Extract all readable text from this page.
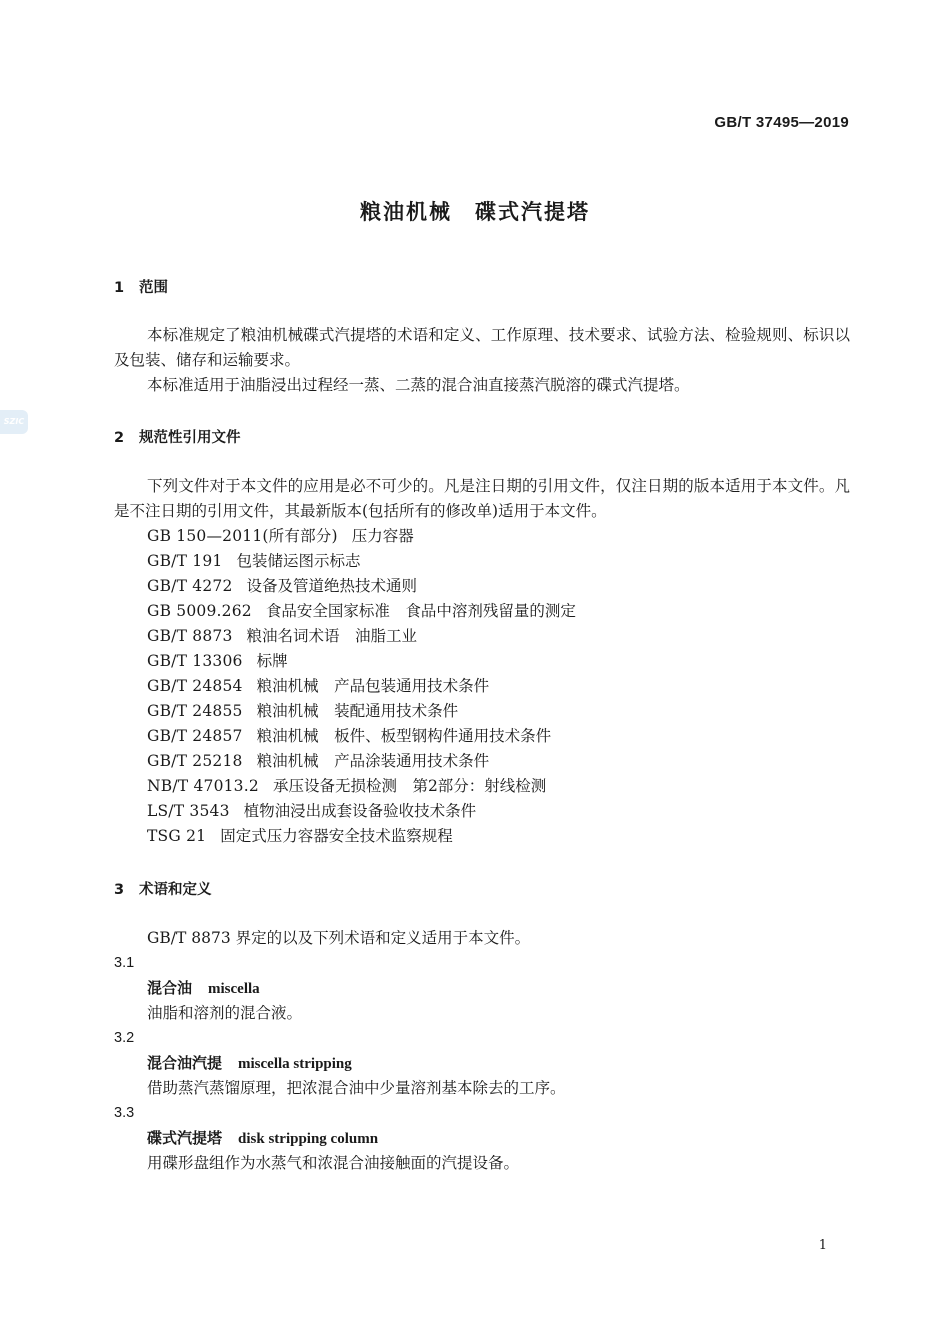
GB/T 37495—2019
SZIC
粮油机械　碟式汽提塔
1 范围
本标准规定了粮油机械碟式汽提塔的术语和定义、工作原理、技术要求、试验方法、检验规则、标识以及包装、储存和运输要求。
本标准适用于油脂浸出过程经一蒸、二蒸的混合油直接蒸汽脱溶的碟式汽提塔。
2 规范性引用文件
下列文件对于本文件的应用是必不可少的。凡是注日期的引用文件，仅注日期的版本适用于本文件。凡是不注日期的引用文件，其最新版本(包括所有的修改单)适用于本文件。
GB 150—2011(所有部分) 压力容器
GB/T 191 包装储运图示标志
GB/T 4272 设备及管道绝热技术通则
GB 5009.262 食品安全国家标准　食品中溶剂残留量的测定
GB/T 8873 粮油名词术语　油脂工业
GB/T 13306 标牌
GB/T 24854 粮油机械　产品包装通用技术条件
GB/T 24855 粮油机械　装配通用技术条件
GB/T 24857 粮油机械　板件、板型钢构件通用技术条件
GB/T 25218 粮油机械　产品涂装通用技术条件
NB/T 47013.2 承压设备无损检测　第2部分：射线检测
LS/T 3543 植物油浸出成套设备验收技术条件
TSG 21 固定式压力容器安全技术监察规程
3 术语和定义
GB/T 8873 界定的以及下列术语和定义适用于本文件。
3.1
混合油 miscella
油脂和溶剂的混合液。
3.2
混合油汽提 miscella stripping
借助蒸汽蒸馏原理，把浓混合油中少量溶剂基本除去的工序。
3.3
碟式汽提塔 disk stripping column
用碟形盘组作为水蒸气和浓混合油接触面的汽提设备。
1
